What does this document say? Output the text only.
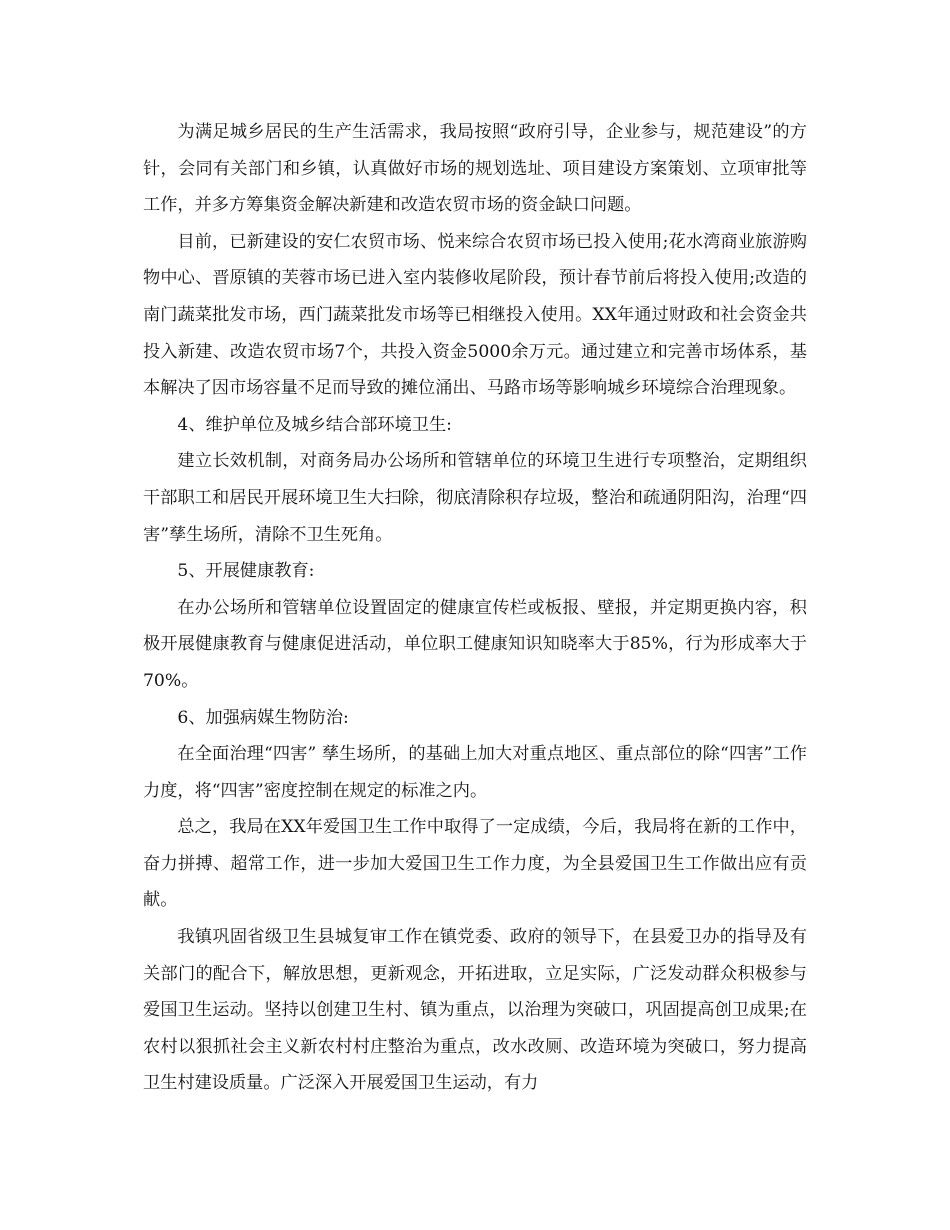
为满足城乡居民的生产生活需求，我局按照“政府引导，企业参与，规范建设”的方针，会同有关部门和乡镇，认真做好市场的规划选址、项目建设方案策划、立项审批等工作，并多方筹集资金解决新建和改造农贸市场的资金缺口问题。

目前，已新建设的安仁农贸市场、悦来综合农贸市场已投入使用;花水湾商业旅游购物中心、晋原镇的芙蓉市场已进入室内装修收尾阶段，预计春节前后将投入使用;改造的南门蔬菜批发市场，西门蔬菜批发市场等已相继投入使用。XX年通过财政和社会资金共投入新建、改造农贸市场7个，共投入资金5000余万元。通过建立和完善市场体系，基本解决了因市场容量不足而导致的摊位涌出、马路市场等影响城乡环境综合治理现象。

4、维护单位及城乡结合部环境卫生:

建立长效机制，对商务局办公场所和管辖单位的环境卫生进行专项整治，定期组织干部职工和居民开展环境卫生大扫除，彻底清除积存垃圾，整治和疏通阴阳沟，治理“四害”孳生场所，清除不卫生死角。

5、开展健康教育:

在办公场所和管辖单位设置固定的健康宣传栏或板报、壁报，并定期更换内容，积极开展健康教育与健康促进活动，单位职工健康知识知晓率大于85%，行为形成率大于70%。

6、加强病媒生物防治:

在全面治理“四害” 孳生场所，的基础上加大对重点地区、重点部位的除“四害”工作力度，将“四害”密度控制在规定的标准之内。

总之，我局在XX年爱国卫生工作中取得了一定成绩，今后，我局将在新的工作中，奋力拼搏、超常工作，进一步加大爱国卫生工作力度，为全县爱国卫生工作做出应有贡献。

我镇巩固省级卫生县城复审工作在镇党委、政府的领导下，在县爱卫办的指导及有关部门的配合下，解放思想，更新观念，开拓进取，立足实际，广泛发动群众积极参与爱国卫生运动。坚持以创建卫生村、镇为重点，以治理为突破口，巩固提高创卫成果;在农村以狠抓社会主义新农村村庄整治为重点，改水改厕、改造环境为突破口，努力提高卫生村建设质量。广泛深入开展爱国卫生运动，有力
